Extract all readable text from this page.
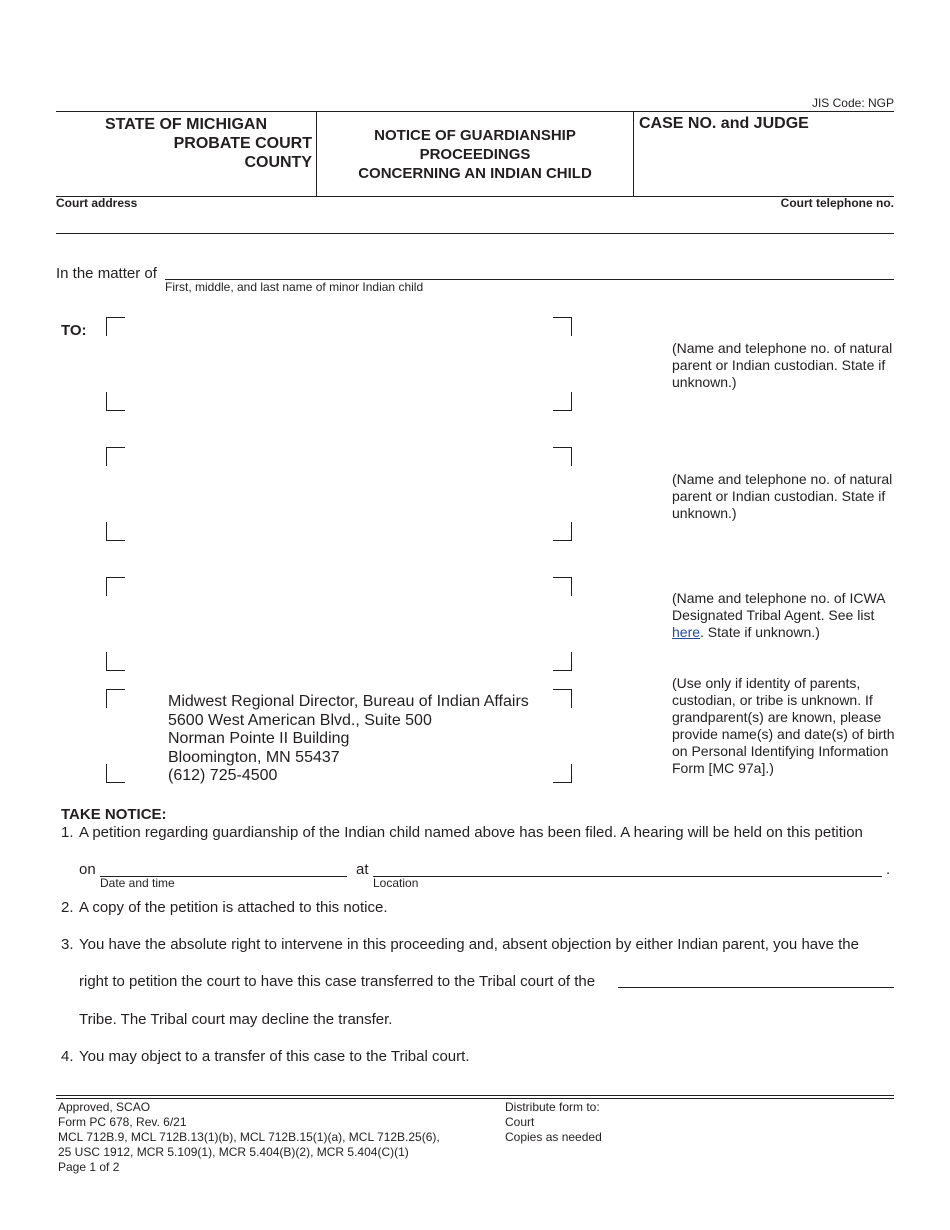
JIS Code: NGP
STATE OF MICHIGAN
PROBATE COURT
COUNTY
NOTICE OF GUARDIANSHIP
PROCEEDINGS
CONCERNING AN INDIAN CHILD
CASE NO. and JUDGE
Court address	Court telephone no.
In the matter of
First, middle, and last name of minor Indian child
TO:
(Name and telephone no. of natural parent or Indian custodian. State if unknown.)
(Name and telephone no. of natural parent or Indian custodian. State if unknown.)
(Name and telephone no. of ICWA Designated Tribal Agent. See list here. State if unknown.)
Midwest Regional Director, Bureau of Indian Affairs
5600 West American Blvd., Suite 500
Norman Pointe II Building
Bloomington, MN 55437
(612) 725-4500
(Use only if identity of parents, custodian, or tribe is unknown. If grandparent(s) are known, please provide name(s) and date(s) of birth on Personal Identifying Information Form [MC 97a].)
TAKE NOTICE:
1. A petition regarding guardianship of the Indian child named above has been filed. A hearing will be held on this petition
on
Date and time
at
Location
.
2. A copy of the petition is attached to this notice.
3. You have the absolute right to intervene in this proceeding and, absent objection by either Indian parent, you have the
right to petition the court to have this case transferred to the Tribal court of the
Tribe. The Tribal court may decline the transfer.
4. You may object to a transfer of this case to the Tribal court.
Approved, SCAO
Form PC 678, Rev. 6/21
MCL 712B.9, MCL 712B.13(1)(b), MCL 712B.15(1)(a), MCL 712B.25(6),
25 USC 1912, MCR 5.109(1), MCR 5.404(B)(2), MCR 5.404(C)(1)
Page 1 of 2
Distribute form to:
Court
Copies as needed
